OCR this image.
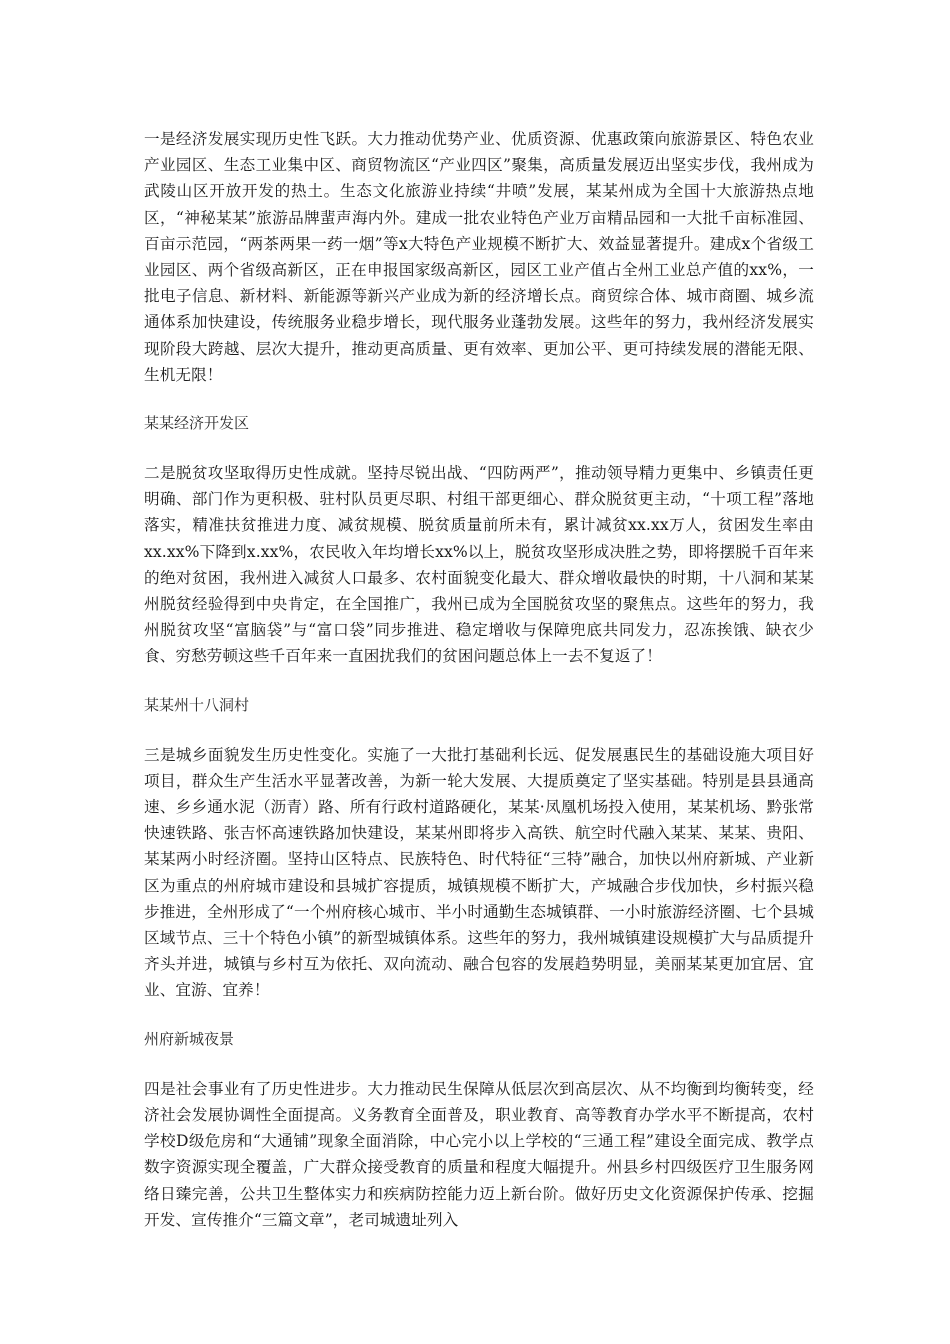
一是经济发展实现历史性飞跃。大力推动优势产业、优质资源、优惠政策向旅游景区、特色农业产业园区、生态工业集中区、商贸物流区“产业四区”聚集，高质量发展迈出坚实步伐，我州成为武陵山区开放开发的热土。生态文化旅游业持续“井喷”发展，某某州成为全国十大旅游热点地区，“神秘某某”旅游品牌蜚声海内外。建成一批农业特色产业万亩精品园和一大批千亩标准园、百亩示范园，“两茶两果一药一烟”等x大特色产业规模不断扩大、效益显著提升。建成x个省级工业园区、两个省级高新区，正在申报国家级高新区，园区工业产值占全州工业总产值的xx%，一批电子信息、新材料、新能源等新兴产业成为新的经济增长点。商贸综合体、城市商圈、城乡流通体系加快建设，传统服务业稳步增长，现代服务业蓬勃发展。这些年的努力，我州经济发展实现阶段大跨越、层次大提升，推动更高质量、更有效率、更加公平、更可持续发展的潜能无限、生机无限！

某某经济开发区

二是脱贫攻坚取得历史性成就。坚持尽锐出战、“四防两严”，推动领导精力更集中、乡镇责任更明确、部门作为更积极、驻村队员更尽职、村组干部更细心、群众脱贫更主动，“十项工程”落地落实，精准扶贫推进力度、减贫规模、脱贫质量前所未有，累计减贫xx.xx万人，贫困发生率由xx.xx%下降到x.xx%，农民收入年均增长xx%以上，脱贫攻坚形成决胜之势，即将摆脱千百年来的绝对贫困，我州进入减贫人口最多、农村面貌变化最大、群众增收最快的时期，十八洞和某某州脱贫经验得到中央肯定，在全国推广，我州已成为全国脱贫攻坚的聚焦点。这些年的努力，我州脱贫攻坚“富脑袋”与“富口袋”同步推进、稳定增收与保障兜底共同发力，忍冻挨饿、缺衣少食、穷愁劳顿这些千百年来一直困扰我们的贫困问题总体上一去不复返了！

某某州十八洞村

三是城乡面貌发生历史性变化。实施了一大批打基础利长远、促发展惠民生的基础设施大项目好项目，群众生产生活水平显著改善，为新一轮大发展、大提质奠定了坚实基础。特别是县县通高速、乡乡通水泥（沥青）路、所有行政村道路硬化，某某·凤凰机场投入使用，某某机场、黔张常快速铁路、张吉怀高速铁路加快建设，某某州即将步入高铁、航空时代融入某某、某某、贵阳、某某两小时经济圈。坚持山区特点、民族特色、时代特征“三特”融合，加快以州府新城、产业新区为重点的州府城市建设和县城扩容提质，城镇规模不断扩大，产城融合步伐加快，乡村振兴稳步推进，全州形成了“一个州府核心城市、半小时通勤生态城镇群、一小时旅游经济圈、七个县城区域节点、三十个特色小镇”的新型城镇体系。这些年的努力，我州城镇建设规模扩大与品质提升齐头并进，城镇与乡村互为依托、双向流动、融合包容的发展趋势明显，美丽某某更加宜居、宜业、宜游、宜养！

州府新城夜景

四是社会事业有了历史性进步。大力推动民生保障从低层次到高层次、从不均衡到均衡转变，经济社会发展协调性全面提高。义务教育全面普及，职业教育、高等教育办学水平不断提高，农村学校D级危房和“大通铺”现象全面消除，中心完小以上学校的“三通工程”建设全面完成、教学点数字资源实现全覆盖，广大群众接受教育的质量和程度大幅提升。州县乡村四级医疗卫生服务网络日臻完善，公共卫生整体实力和疾病防控能力迈上新台阶。做好历史文化资源保护传承、挖掘开发、宣传推介“三篇文章”，老司城遗址列入
